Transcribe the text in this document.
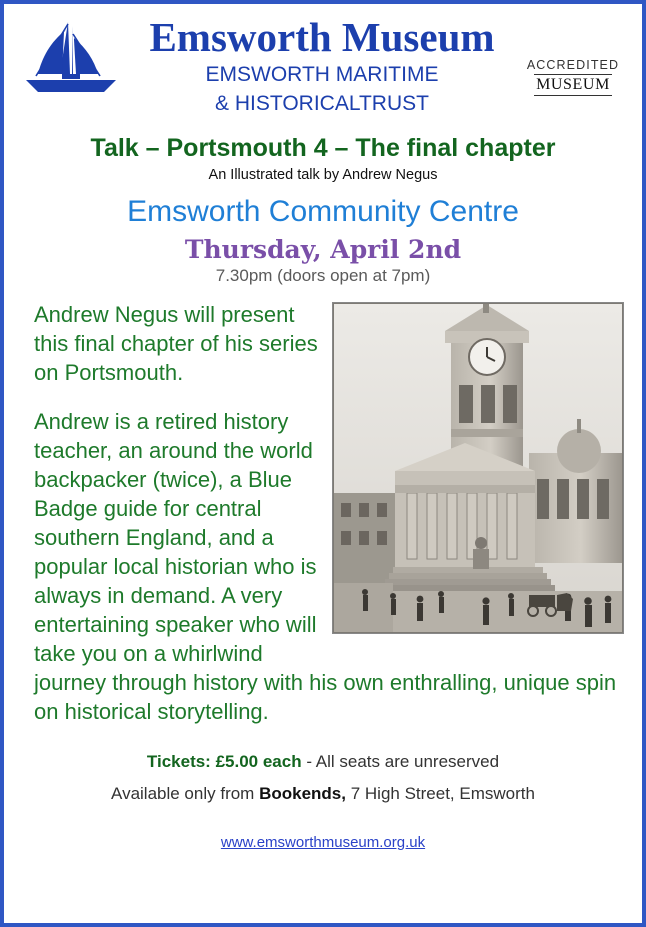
Emsworth Museum
EMSWORTH MARITIME
& HISTORICALTRUST
ACCREDITED
MUSEUM
Talk – Portsmouth 4 – The final chapter
An Illustrated talk by Andrew Negus
Emsworth Community Centre
Thursday, April 2nd
7.30pm (doors open at 7pm)

Andrew Negus will present this final chapter of his series on Portsmouth.

Andrew is a retired history teacher, an around the world backpacker (twice), a Blue Badge guide for central southern England, and a popular local historian who is always in demand. A very entertaining speaker who will take you on a whirlwind journey through history with his own enthralling, unique spin on historical storytelling.

Tickets: £5.00 each - All seats are unreserved
Available only from Bookends, 7 High Street, Emsworth
www.emsworthmuseum.org.uk
